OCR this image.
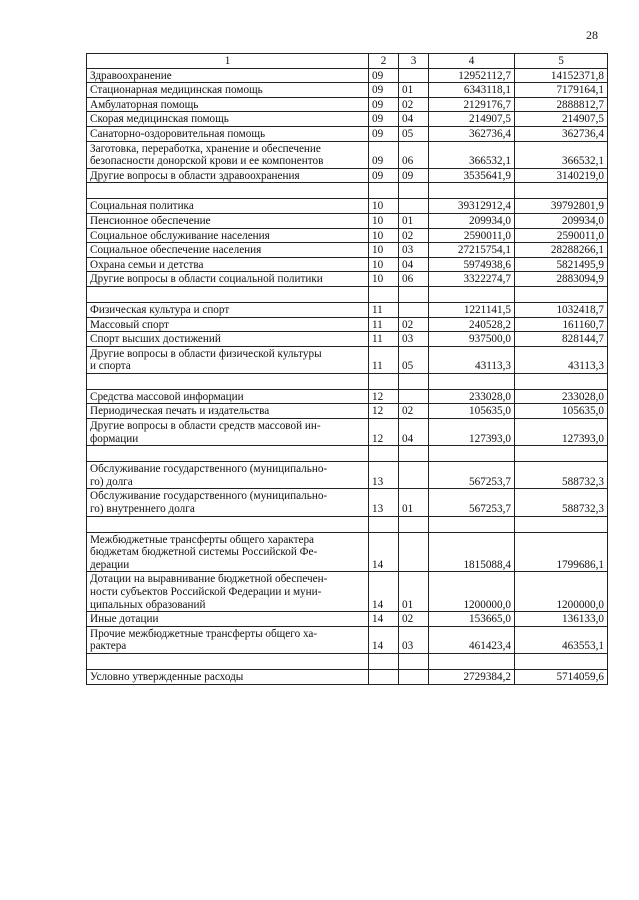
28
1	2	3	4	5
Здравоохранение	09		12952112,7	14152371,8
Стационарная медицинская помощь	09	01	6343118,1	7179164,1
Амбулаторная помощь	09	02	2129176,7	2888812,7
Скорая медицинская помощь	09	04	214907,5	214907,5
Санаторно-оздоровительная помощь	09	05	362736,4	362736,4
Заготовка, переработка, хранение и обеспечение
безопасности донорской крови и ее компонентов	09	06	366532,1	366532,1
Другие вопросы в области здравоохранения	09	09	3535641,9	3140219,0

Социальная политика	10		39312912,4	39792801,9
Пенсионное обеспечение	10	01	209934,0	209934,0
Социальное обслуживание населения	10	02	2590011,0	2590011,0
Социальное обеспечение населения	10	03	27215754,1	28288266,1
Охрана семьи и детства	10	04	5974938,6	5821495,9
Другие вопросы в области социальной политики	10	06	3322274,7	2883094,9

Физическая культура и спорт	11		1221141,5	1032418,7
Массовый спорт	11	02	240528,2	161160,7
Спорт высших достижений	11	03	937500,0	828144,7
Другие вопросы в области физической культуры
и спорта	11	05	43113,3	43113,3

Средства массовой информации	12		233028,0	233028,0
Периодическая печать и издательства	12	02	105635,0	105635,0
Другие вопросы в области средств массовой ин-
формации	12	04	127393,0	127393,0

Обслуживание государственного (муниципально-
го) долга	13		567253,7	588732,3
Обслуживание государственного (муниципально-
го) внутреннего долга	13	01	567253,7	588732,3

Межбюджетные трансферты общего характера
бюджетам бюджетной системы Российской Фе-
дерации	14		1815088,4	1799686,1
Дотации на выравнивание бюджетной обеспечен-
ности субъектов Российской Федерации и муни-
ципальных образований	14	01	1200000,0	1200000,0
Иные дотации	14	02	153665,0	136133,0
Прочие межбюджетные трансферты общего ха-
рактера	14	03	461423,4	463553,1

Условно утвержденные расходы			2729384,2	5714059,6
